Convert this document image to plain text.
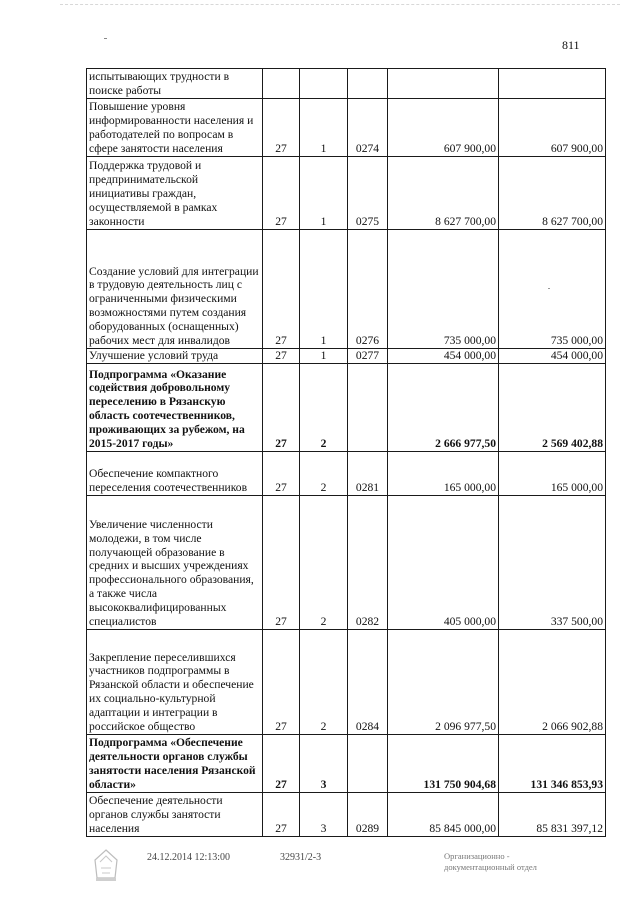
811
испытывающих трудности в поиске работы					
Повышение уровня информированности населения и работодателей по вопросам в сфере занятости населения	27	1	0274	607 900,00	607 900,00
Поддержка трудовой и предпринимательской инициативы граждан, осуществляемой в рамках законности	27	1	0275	8 627 700,00	8 627 700,00
Создание условий для интеграции в трудовую деятельность лиц с ограниченными физическими возможностями путем создания оборудованных (оснащенных) рабочих мест для инвалидов	27	1	0276	735 000,00	735 000,00
Улучшение условий труда	27	1	0277	454 000,00	454 000,00
Подпрограмма «Оказание содействия добровольному переселению в Рязанскую область соотечественников, проживающих за рубежом, на 2015-2017 годы»	27	2		2 666 977,50	2 569 402,88
Обеспечение компактного переселения соотечественников	27	2	0281	165 000,00	165 000,00
Увеличение численности молодежи, в том числе получающей образование в средних и высших учреждениях профессионального образования, а также числа высококвалифицированных специалистов	27	2	0282	405 000,00	337 500,00
Закрепление переселившихся участников подпрограммы в Рязанской области и обеспечение их социально-культурной адаптации и интеграции в российское общество	27	2	0284	2 096 977,50	2 066 902,88
Подпрограмма «Обеспечение деятельности органов службы занятости населения Рязанской области»	27	3		131 750 904,68	131 346 853,93
Обеспечение деятельности органов службы занятости населения	27	3	0289	85 845 000,00	85 831 397,12
24.12.2014 12:13:00	32931/2-3	Организационно -
документационный отдел
